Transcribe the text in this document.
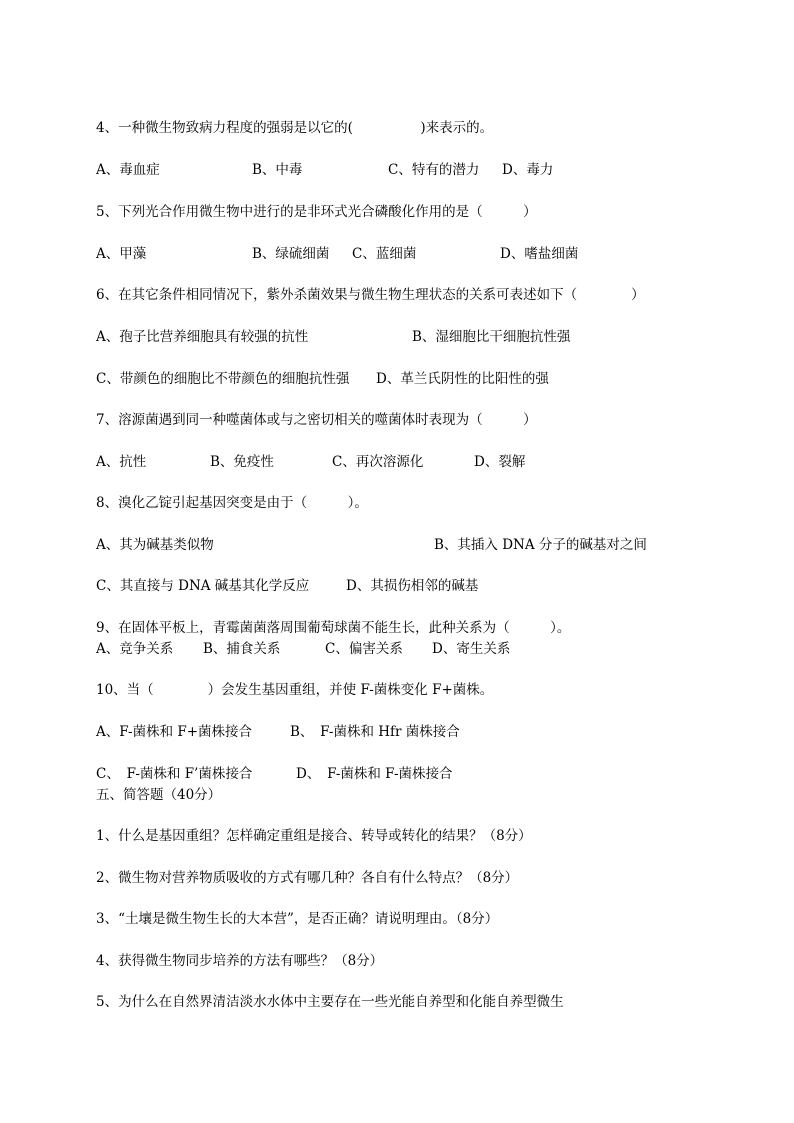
4、一种微生物致病力程度的强弱是以它的(　　　　　)来表示的。
A、毒血症	B、中毒	C、特有的潜力 D、毒力
5、下列光合作用微生物中进行的是非环式光合磷酸化作用的是（　　　）
A、甲藻	B、绿硫细菌 C、蓝细菌	D、嗜盐细菌
6、在其它条件相同情况下，紫外杀菌效果与微生物生理状态的关系可表述如下（　　　　）
A、孢子比营养细胞具有较强的抗性	B、湿细胞比干细胞抗性强
C、带颜色的细胞比不带颜色的细胞抗性强 D、革兰氏阴性的比阳性的强
7、溶源菌遇到同一种噬菌体或与之密切相关的噬菌体时表现为（　　　）
A、抗性	B、免疫性	C、再次溶源化	D、裂解
8、溴化乙锭引起基因突变是由于（　　　）。
A、其为碱基类似物	B、其插入 DNA 分子的碱基对之间
C、其直接与 DNA 碱基其化学反应	D、其损伤相邻的碱基
9、在固体平板上，青霉菌菌落周围葡萄球菌不能生长，此种关系为（　　　）。
A、竞争关系 B、捕食关系	C、偏害关系 D、寄生关系
10、当（　　　　）会发生基因重组，并使 F-菌株变化 F+菌株。
A、F-菌株和 F+菌株接合	B、　F-菌株和 Hfr 菌株接合
C、　F-菌株和 F’菌株接合	D、　F-菌株和 F-菌株接合
五、简答题（40分）
1、什么是基因重组？怎样确定重组是接合、转导或转化的结果？（8分）
2、微生物对营养物质吸收的方式有哪几种？各自有什么特点？（8分）
3、“土壤是微生物生长的大本营”，是否正确？请说明理由。（8分）
4、获得微生物同步培养的方法有哪些？（8分）
5、为什么在自然界清洁淡水水体中主要存在一些光能自养型和化能自养型微生
